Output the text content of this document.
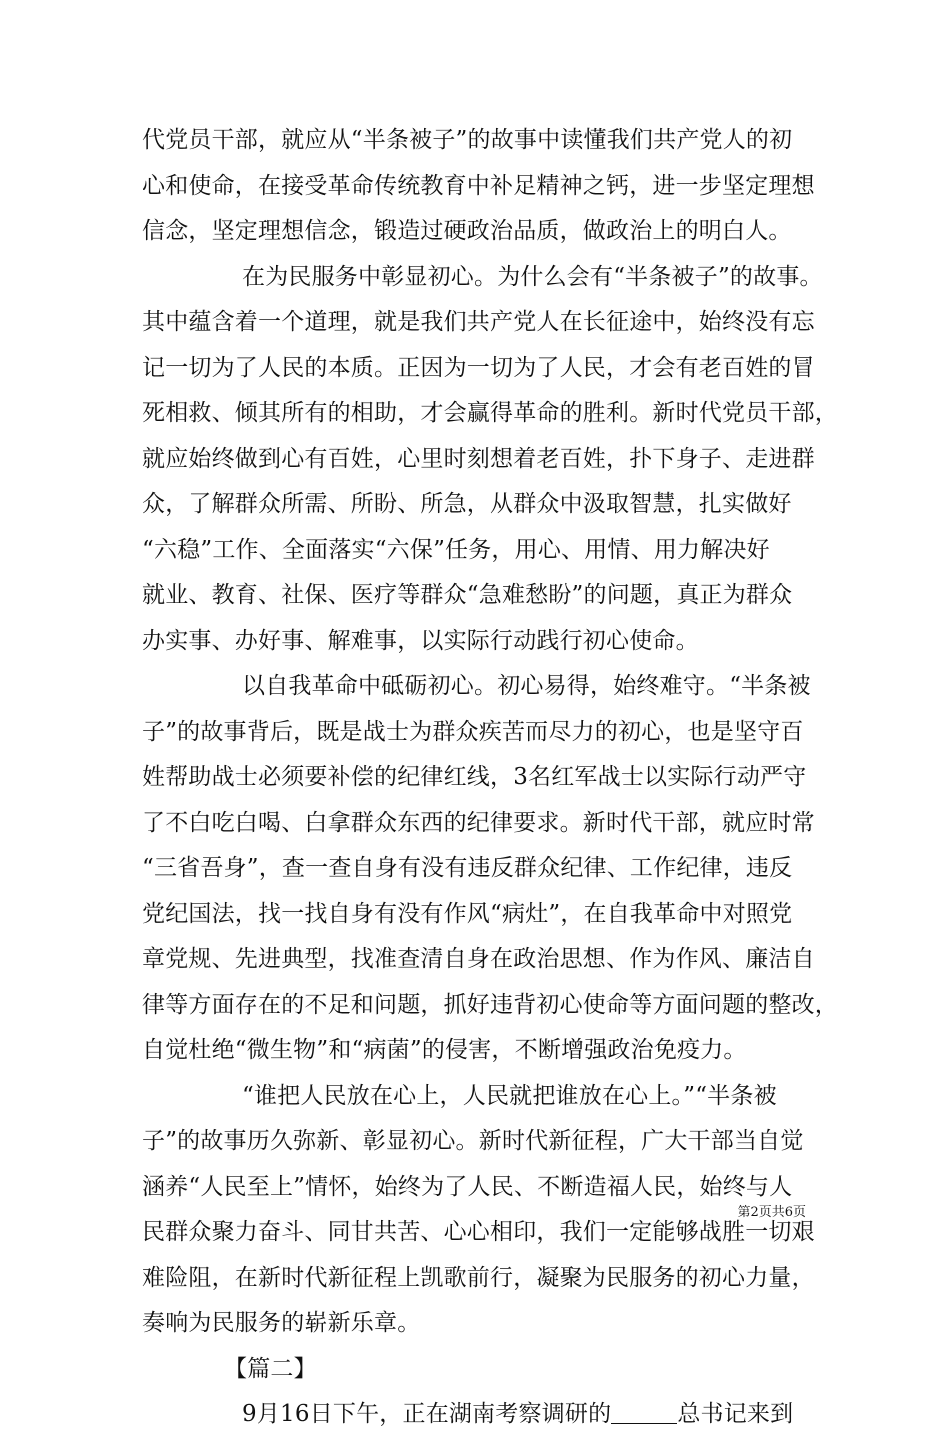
代党员干部，就应从“半条被子”的故事中读懂我们共产党人的初
心和使命，在接受革命传统教育中补足精神之钙，进一步坚定理想
信念，坚定理想信念，锻造过硬政治品质，做政治上的明白人。
在为民服务中彰显初心。为什么会有“半条被子”的故事。
其中蕴含着一个道理，就是我们共产党人在长征途中，始终没有忘
记一切为了人民的本质。正因为一切为了人民，才会有老百姓的冒
死相救、倾其所有的相助，才会赢得革命的胜利。新时代党员干部，
就应始终做到心有百姓，心里时刻想着老百姓，扑下身子、走进群
众，了解群众所需、所盼、所急，从群众中汲取智慧，扎实做好
“六稳”工作、全面落实“六保”任务，用心、用情、用力解决好
就业、教育、社保、医疗等群众“急难愁盼”的问题，真正为群众
办实事、办好事、解难事，以实际行动践行初心使命。
以自我革命中砥砺初心。初心易得，始终难守。“半条被
子”的故事背后，既是战士为群众疾苦而尽力的初心，也是坚守百
姓帮助战士必须要补偿的纪律红线，3名红军战士以实际行动严守
了不白吃白喝、白拿群众东西的纪律要求。新时代干部，就应时常
“三省吾身”，查一查自身有没有违反群众纪律、工作纪律，违反
党纪国法，找一找自身有没有作风“病灶”，在自我革命中对照党
章党规、先进典型，找准查清自身在政治思想、作为作风、廉洁自
律等方面存在的不足和问题，抓好违背初心使命等方面问题的整改，
自觉杜绝“微生物”和“病菌”的侵害，不断增强政治免疫力。
“谁把人民放在心上，人民就把谁放在心上。”“半条被
子”的故事历久弥新、彰显初心。新时代新征程，广大干部当自觉
涵养“人民至上”情怀，始终为了人民、不断造福人民，始终与人
民群众聚力奋斗、同甘共苦、心心相印，我们一定能够战胜一切艰
难险阻，在新时代新征程上凯歌前行，凝聚为民服务的初心力量，
奏响为民服务的崭新乐章。
【篇二】
9月16日下午，正在湖南考察调研的	总书记来到
第2页共6页
